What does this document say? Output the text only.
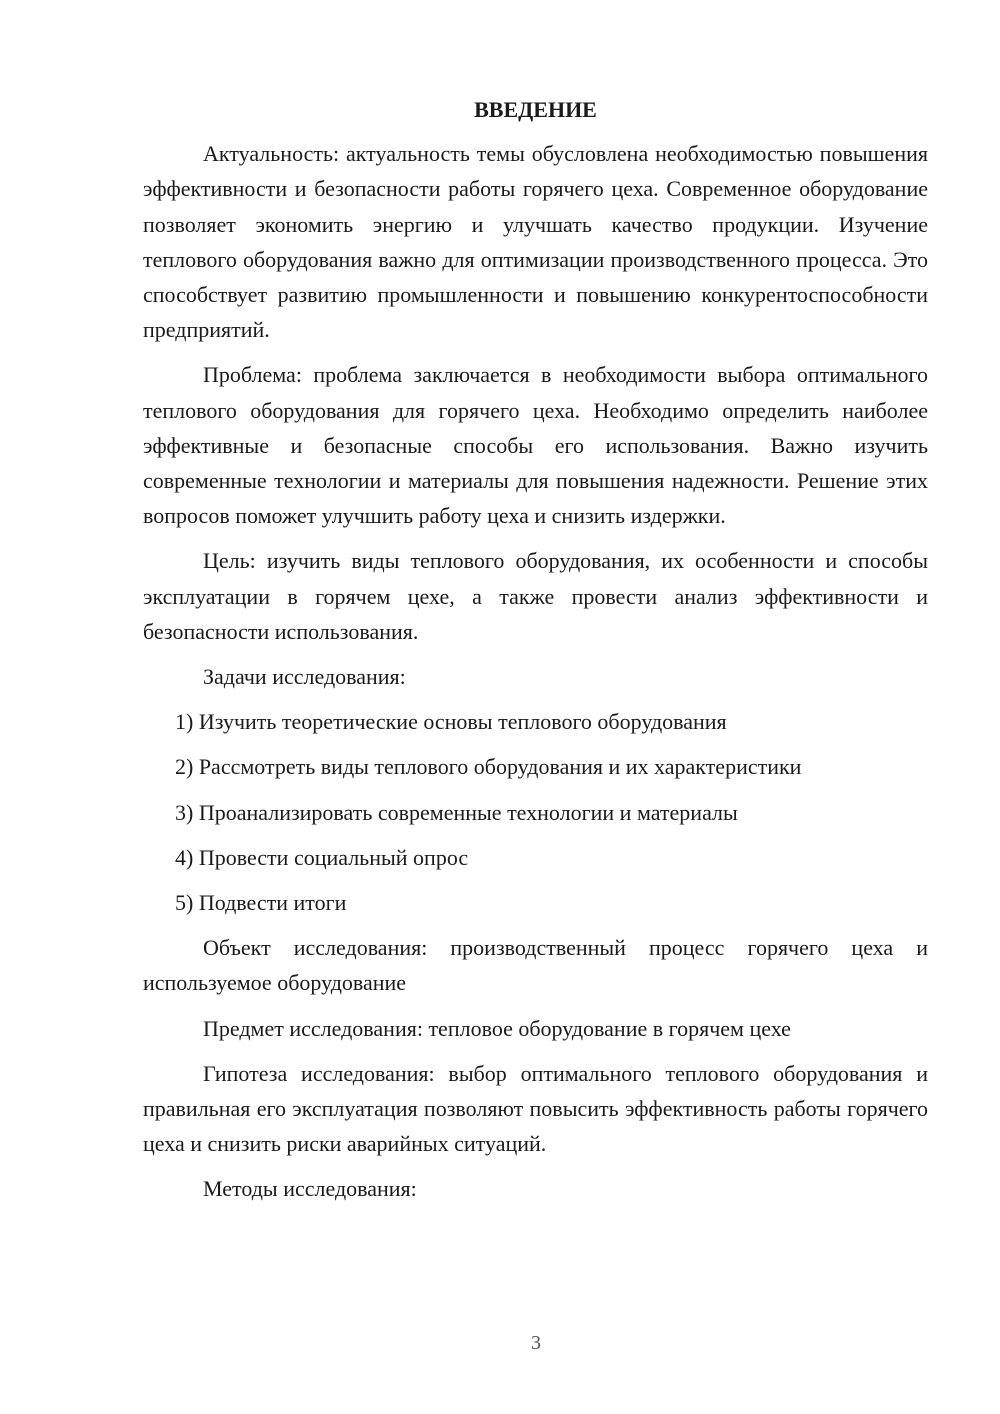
ВВЕДЕНИЕ

Актуальность: актуальность темы обусловлена необходимостью повышения эффективности и безопасности работы горячего цеха. Современное оборудование позволяет экономить энергию и улучшать качество продукции. Изучение теплового оборудования важно для оптимизации производственного процесса. Это способствует развитию промышленности и повышению конкурентоспособности предприятий.

Проблема: проблема заключается в необходимости выбора оптимального теплового оборудования для горячего цеха. Необходимо определить наиболее эффективные и безопасные способы его использования. Важно изучить современные технологии и материалы для повышения надежности. Решение этих вопросов поможет улучшить работу цеха и снизить издержки.

Цель: изучить виды теплового оборудования, их особенности и способы эксплуатации в горячем цехе, а также провести анализ эффективности и безопасности использования.

Задачи исследования:

1) Изучить теоретические основы теплового оборудования
2) Рассмотреть виды теплового оборудования и их характеристики
3) Проанализировать современные технологии и материалы
4) Провести социальный опрос
5) Подвести итоги

Объект исследования: производственный процесс горячего цеха и используемое оборудование

Предмет исследования: тепловое оборудование в горячем цехе

Гипотеза исследования: выбор оптимального теплового оборудования и правильная его эксплуатация позволяют повысить эффективность работы горячего цеха и снизить риски аварийных ситуаций.

Методы исследования:

3
